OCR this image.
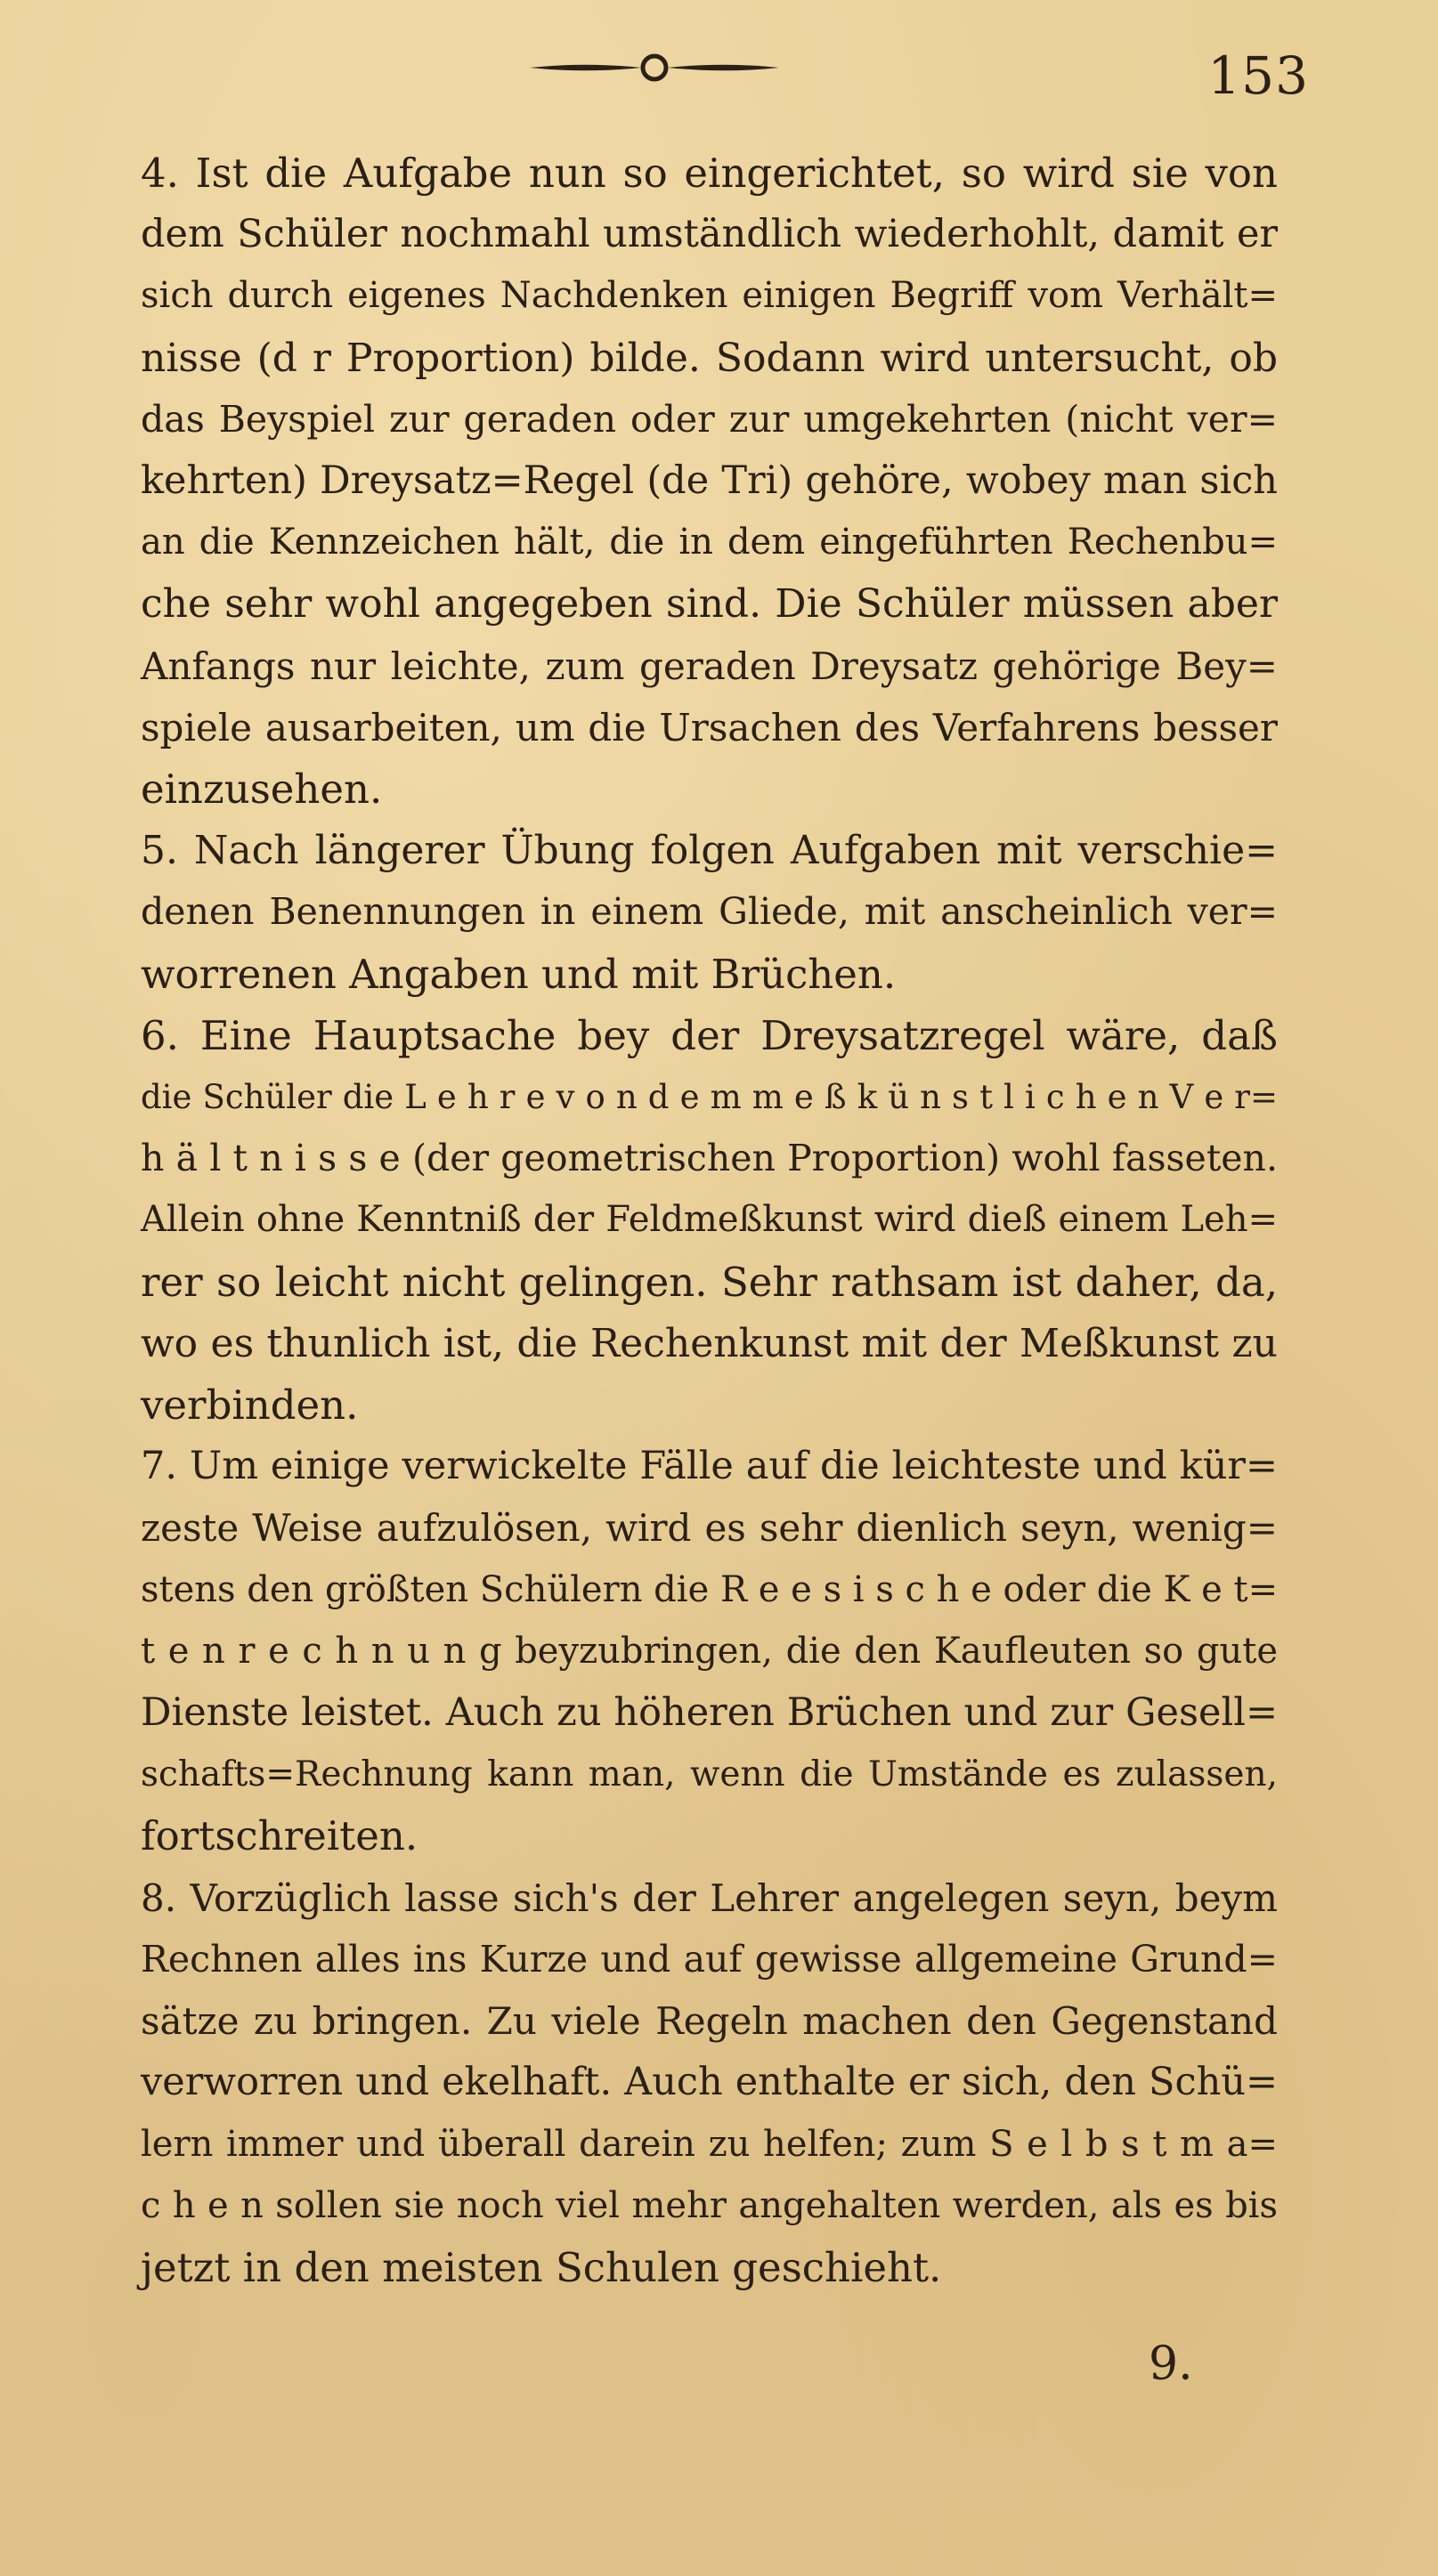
153
4. Ist die Aufgabe nun so eingerichtet, so wird sie von
dem Schüler nochmahl umständlich wiederhohlt, damit er
sich durch eigenes Nachdenken einigen Begriff vom Verhält=
nisse (d r Proportion) bilde. Sodann wird untersucht, ob
das Beyspiel zur geraden oder zur umgekehrten (nicht ver=
kehrten) Dreysatz=Regel (de Tri) gehöre, wobey man sich
an die Kennzeichen hält, die in dem eingeführten Rechenbu=
che sehr wohl angegeben sind. Die Schüler müssen aber
Anfangs nur leichte, zum geraden Dreysatz gehörige Bey=
spiele ausarbeiten, um die Ursachen des Verfahrens besser
einzusehen.
5. Nach längerer Übung folgen Aufgaben mit verschie=
denen Benennungen in einem Gliede, mit anscheinlich ver=
worrenen Angaben und mit Brüchen.
6. Eine Hauptsache bey der Dreysatzregel wäre, daß
die Schüler die L e h r e v o n d e m m e ß k ü n s t l i c h e n V e r=
h ä l t n i s s e (der geometrischen Proportion) wohl fasseten.
Allein ohne Kenntniß der Feldmeßkunst wird dieß einem Leh=
rer so leicht nicht gelingen. Sehr rathsam ist daher, da,
wo es thunlich ist, die Rechenkunst mit der Meßkunst zu
verbinden.
7. Um einige verwickelte Fälle auf die leichteste und kür=
zeste Weise aufzulösen, wird es sehr dienlich seyn, wenig=
stens den größten Schülern die R e e s i s c h e oder die K e t=
t e n r e c h n u n g beyzubringen, die den Kaufleuten so gute
Dienste leistet. Auch zu höheren Brüchen und zur Gesell=
schafts=Rechnung kann man, wenn die Umstände es zulassen,
fortschreiten.
8. Vorzüglich lasse sich's der Lehrer angelegen seyn, beym
Rechnen alles ins Kurze und auf gewisse allgemeine Grund=
sätze zu bringen. Zu viele Regeln machen den Gegenstand
verworren und ekelhaft. Auch enthalte er sich, den Schü=
lern immer und überall darein zu helfen; zum S e l b s t m a=
c h e n sollen sie noch viel mehr angehalten werden, als es bis
jetzt in den meisten Schulen geschieht.
9.
